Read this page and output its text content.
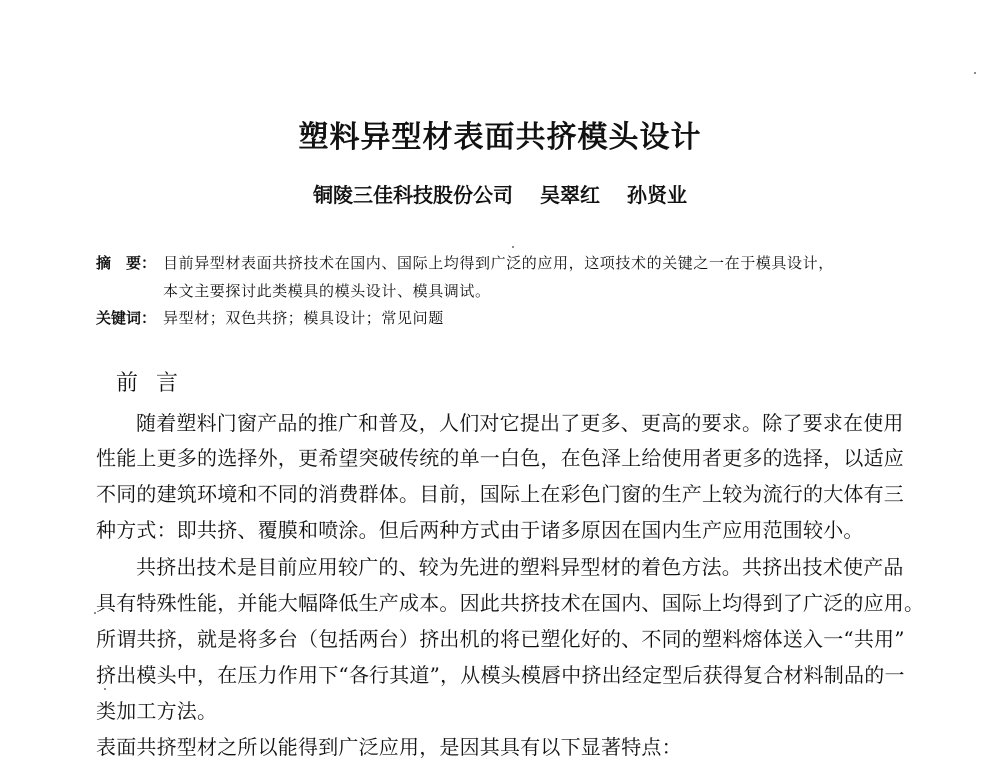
塑料异型材表面共挤模头设计
铜陵三佳科技股份公司 吴翠红 孙贤业
摘　要： 目前异型材表面共挤技术在国内、国际上均得到广泛的应用，这项技术的关键之一在于模具设计，
本文主要探讨此类模具的模头设计、模具调试。
关键词： 异型材；双色共挤；模具设计；常见问题
前言
随着塑料门窗产品的推广和普及，人们对它提出了更多、更高的要求。除了要求在使用
性能上更多的选择外，更希望突破传统的单一白色，在色泽上给使用者更多的选择，以适应
不同的建筑环境和不同的消费群体。目前，国际上在彩色门窗的生产上较为流行的大体有三
种方式：即共挤、覆膜和喷涂。但后两种方式由于诸多原因在国内生产应用范围较小。
共挤出技术是目前应用较广的、较为先进的塑料异型材的着色方法。共挤出技术使产品
具有特殊性能，并能大幅降低生产成本。因此共挤技术在国内、国际上均得到了广泛的应用。
所谓共挤，就是将多台（包括两台）挤出机的将已塑化好的、不同的塑料熔体送入一“共用”
挤出模头中，在压力作用下“各行其道”，从模头模唇中挤出经定型后获得复合材料制品的一
类加工方法。
表面共挤型材之所以能得到广泛应用，是因其具有以下显著特点：
